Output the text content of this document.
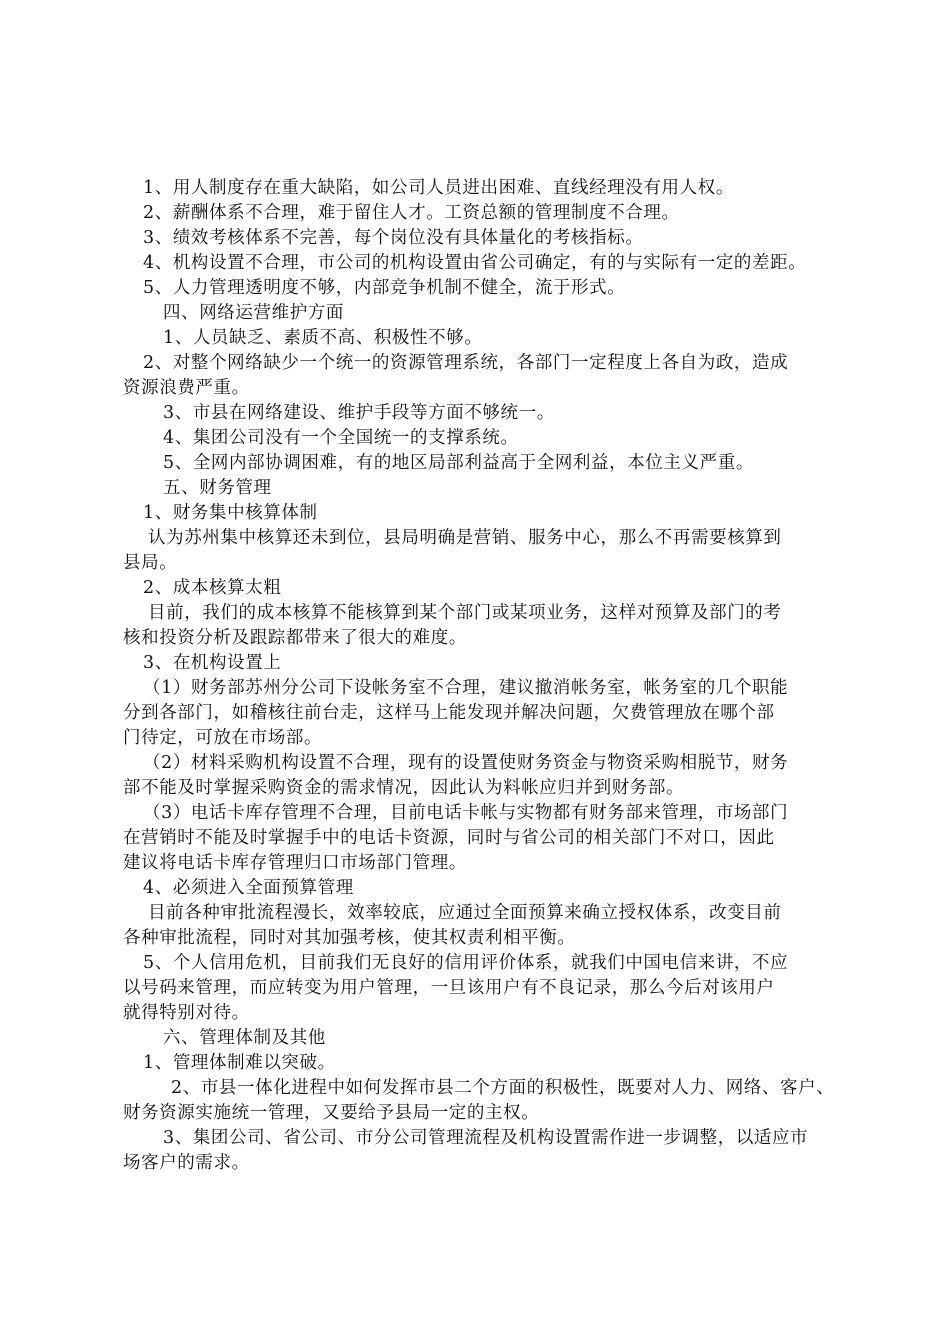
1、用人制度存在重大缺陷，如公司人员进出困难、直线经理没有用人权。
2、薪酬体系不合理，难于留住人才。工资总额的管理制度不合理。
3、绩效考核体系不完善，每个岗位没有具体量化的考核指标。
4、机构设置不合理，市公司的机构设置由省公司确定，有的与实际有一定的差距。
5、人力管理透明度不够，内部竞争机制不健全，流于形式。
四、网络运营维护方面
1、人员缺乏、素质不高、积极性不够。
2、对整个网络缺少一个统一的资源管理系统，各部门一定程度上各自为政，造成
资源浪费严重。
3、市县在网络建设、维护手段等方面不够统一。
4、集团公司没有一个全国统一的支撑系统。
5、全网内部协调困难，有的地区局部利益高于全网利益，本位主义严重。
五、财务管理
1、财务集中核算体制
认为苏州集中核算还未到位，县局明确是营销、服务中心，那么不再需要核算到
县局。
2、成本核算太粗
目前，我们的成本核算不能核算到某个部门或某项业务，这样对预算及部门的考
核和投资分析及跟踪都带来了很大的难度。
3、在机构设置上
（1）财务部苏州分公司下设帐务室不合理，建议撤消帐务室，帐务室的几个职能
分到各部门，如稽核往前台走，这样马上能发现并解决问题，欠费管理放在哪个部
门待定，可放在市场部。
（2）材料采购机构设置不合理，现有的设置使财务资金与物资采购相脱节，财务
部不能及时掌握采购资金的需求情况，因此认为料帐应归并到财务部。
（3）电话卡库存管理不合理，目前电话卡帐与实物都有财务部来管理，市场部门
在营销时不能及时掌握手中的电话卡资源，同时与省公司的相关部门不对口，因此
建议将电话卡库存管理归口市场部门管理。
4、必须进入全面预算管理
目前各种审批流程漫长，效率较底，应通过全面预算来确立授权体系，改变目前
各种审批流程，同时对其加强考核，使其权责利相平衡。
5、个人信用危机，目前我们无良好的信用评价体系，就我们中国电信来讲，不应
以号码来管理，而应转变为用户管理，一旦该用户有不良记录，那么今后对该用户
就得特别对待。
六、管理体制及其他
1、管理体制难以突破。
2、市县一体化进程中如何发挥市县二个方面的积极性，既要对人力、网络、客户、
财务资源实施统一管理，又要给予县局一定的主权。
3、集团公司、省公司、市分公司管理流程及机构设置需作进一步调整，以适应市
场客户的需求。
